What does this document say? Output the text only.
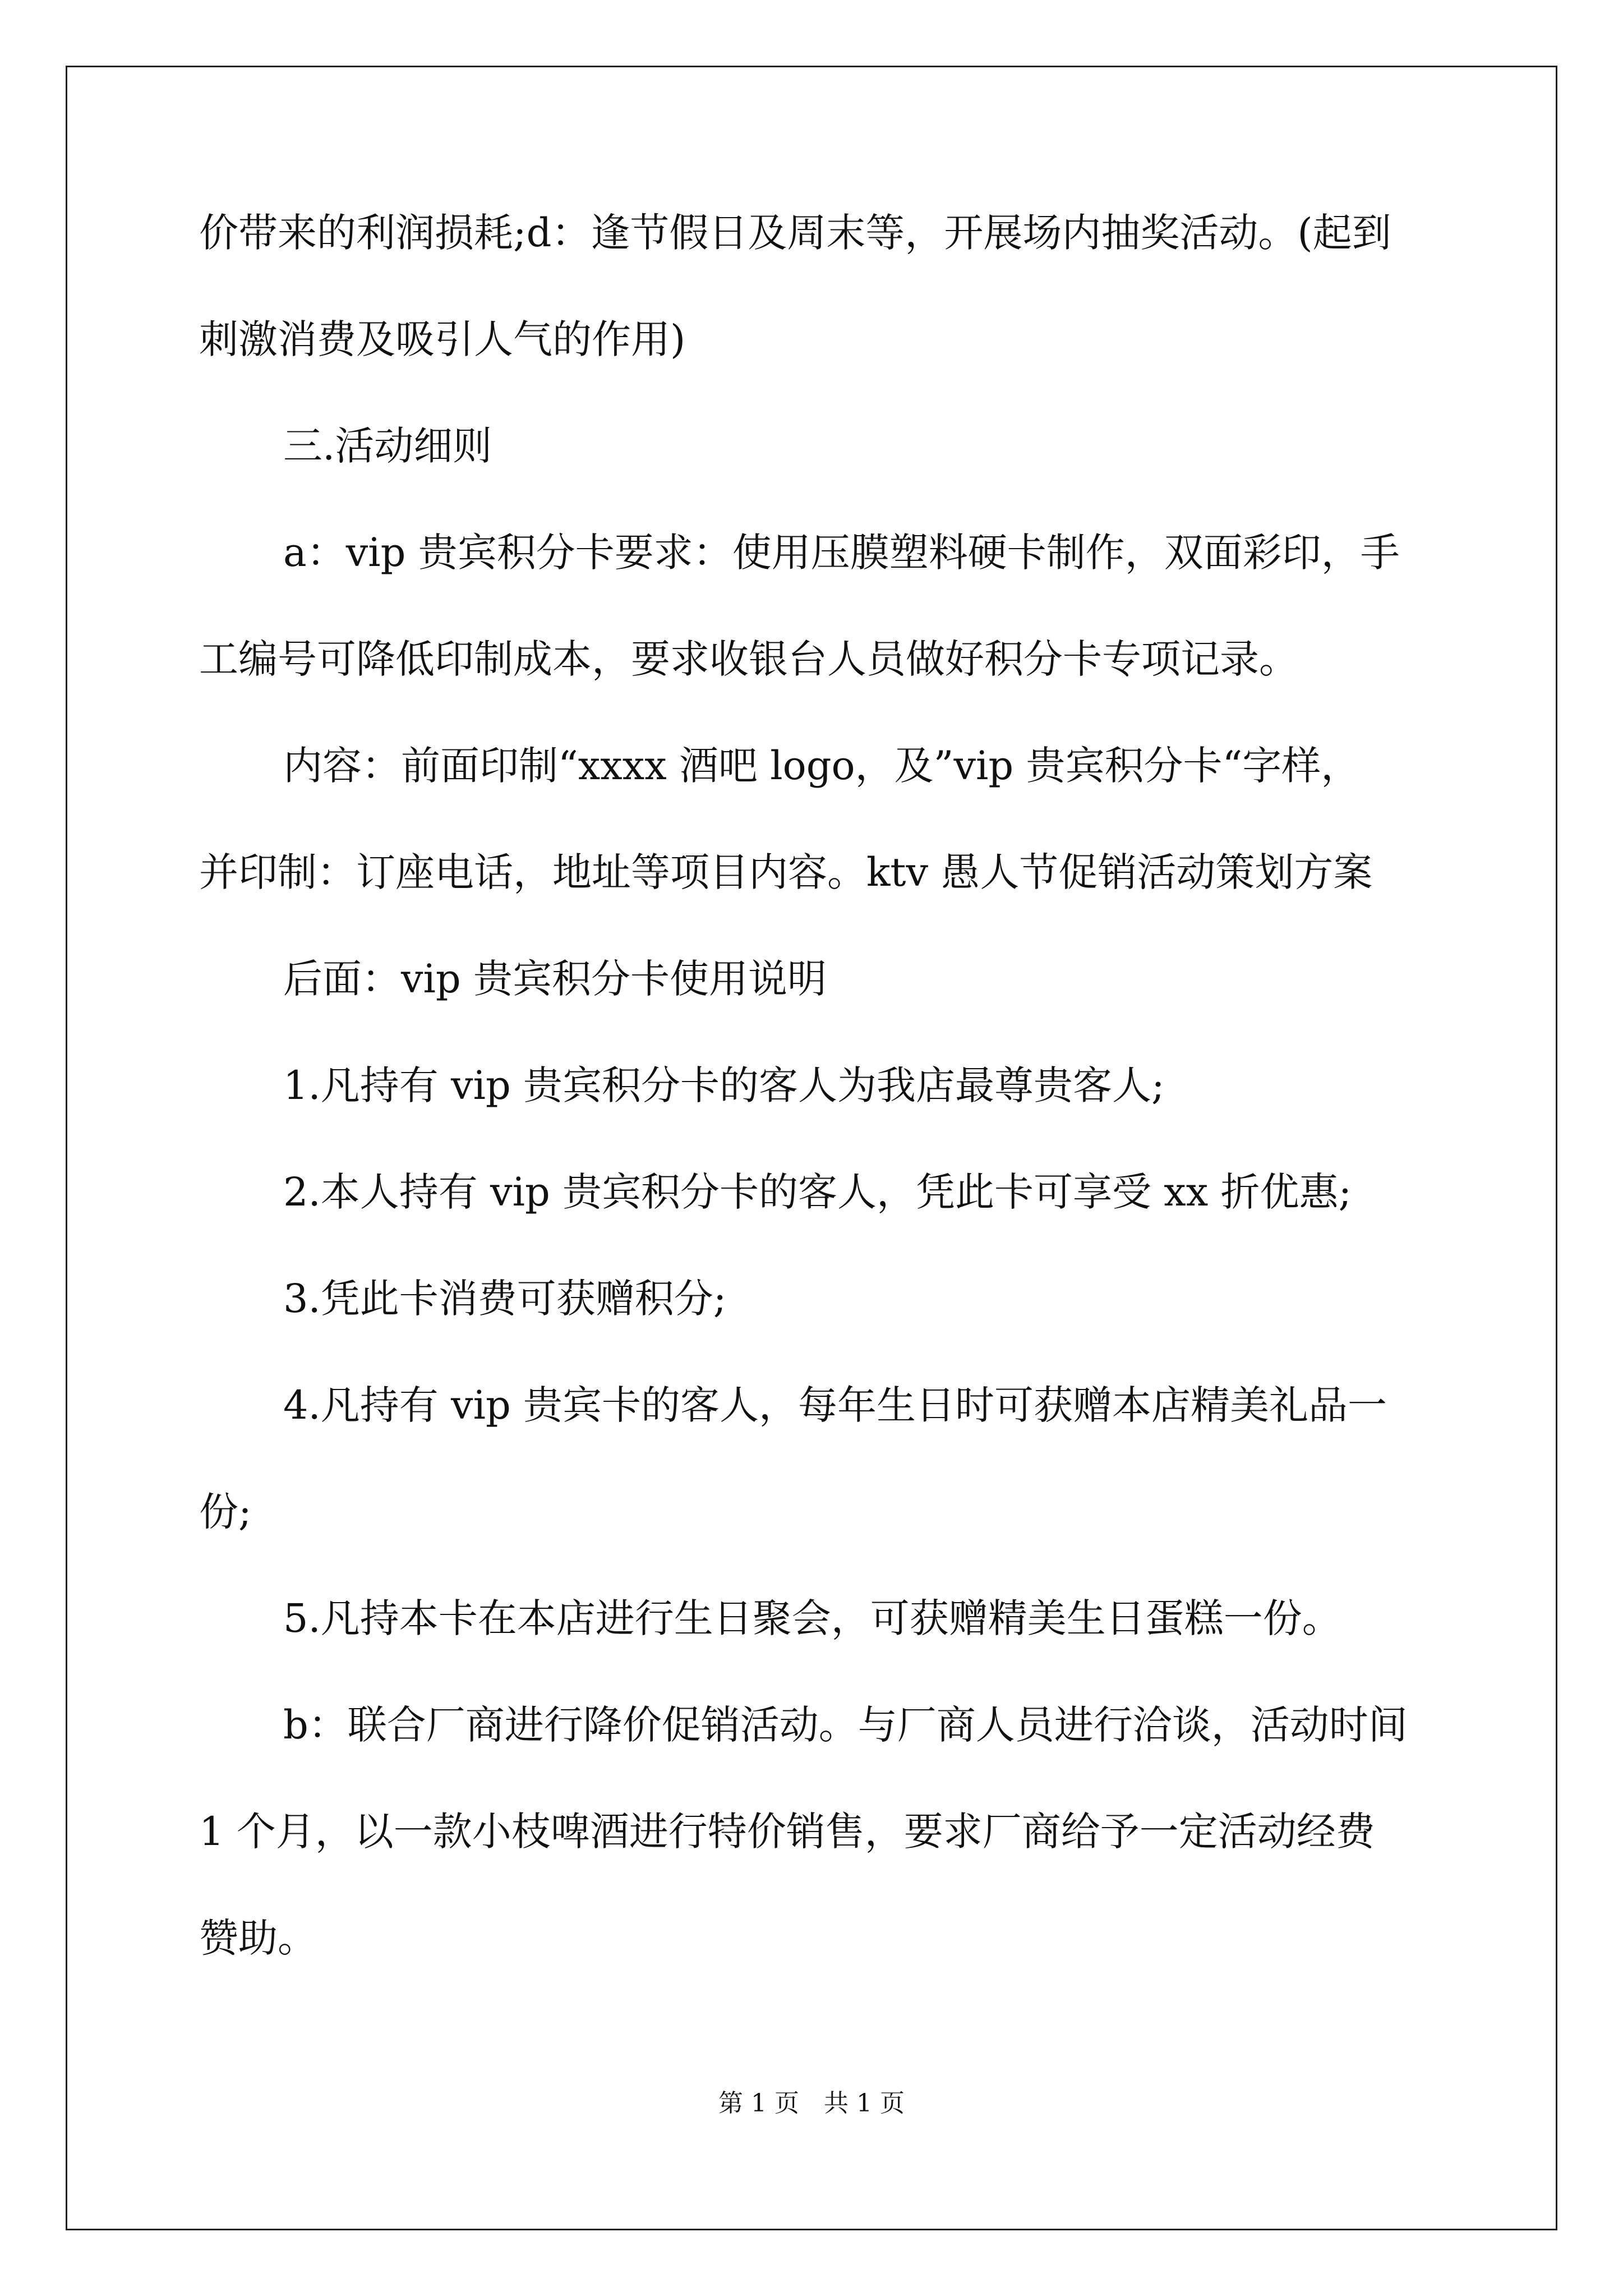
价带来的利润损耗;d：逢节假日及周末等，开展场内抽奖活动。(起到
刺激消费及吸引人气的作用)
三.活动细则
a：vip 贵宾积分卡要求：使用压膜塑料硬卡制作，双面彩印，手
工编号可降低印制成本，要求收银台人员做好积分卡专项记录。
内容：前面印制“xxxx 酒吧 logo，及”vip 贵宾积分卡“字样，
并印制：订座电话，地址等项目内容。ktv 愚人节促销活动策划方案
后面：vip 贵宾积分卡使用说明
1.凡持有 vip 贵宾积分卡的客人为我店最尊贵客人;
2.本人持有 vip 贵宾积分卡的客人，凭此卡可享受 xx 折优惠;
3.凭此卡消费可获赠积分;
4.凡持有 vip 贵宾卡的客人，每年生日时可获赠本店精美礼品一
份;
5.凡持本卡在本店进行生日聚会，可获赠精美生日蛋糕一份。
b：联合厂商进行降价促销活动。与厂商人员进行洽谈，活动时间
1 个月，以一款小枝啤酒进行特价销售，要求厂商给予一定活动经费
赞助。
第 1 页　共 1 页
